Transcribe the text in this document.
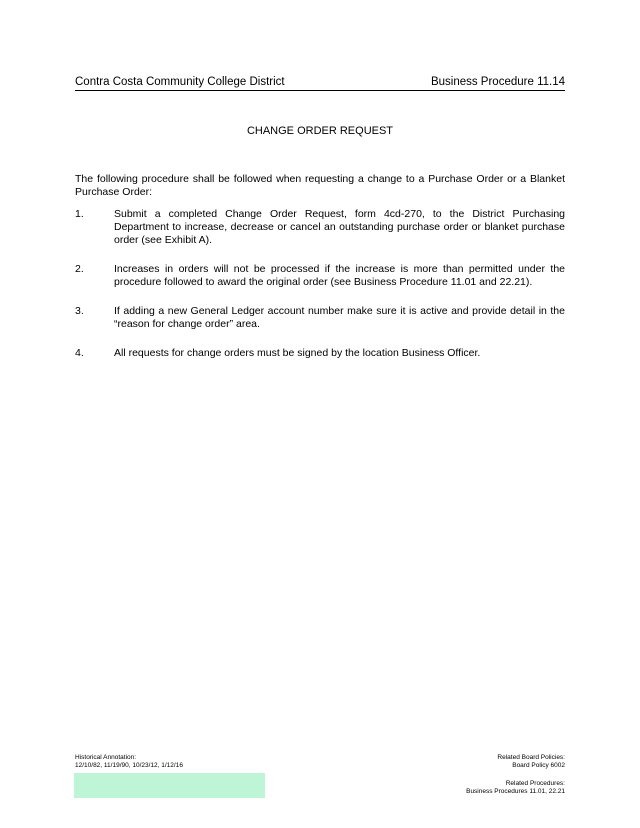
Contra Costa Community College District	Business Procedure 11.14
CHANGE ORDER REQUEST

The following procedure shall be followed when requesting a change to a Purchase Order or a Blanket Purchase Order:

1.	Submit a completed Change Order Request, form 4cd-270, to the District Purchasing Department to increase, decrease or cancel an outstanding purchase order or blanket purchase order (see Exhibit A).
2.	Increases in orders will not be processed if the increase is more than permitted under the procedure followed to award the original order (see Business Procedure 11.01 and 22.21).
3.	If adding a new General Ledger account number make sure it is active and provide detail in the “reason for change order” area.
4.	All requests for change orders must be signed by the location Business Officer.
Historical Annotation:
12/10/82, 11/19/90, 10/23/12, 1/12/16
Related Board Policies:
Board Policy 6002
Related Procedures:
Business Procedures 11.01, 22.21
